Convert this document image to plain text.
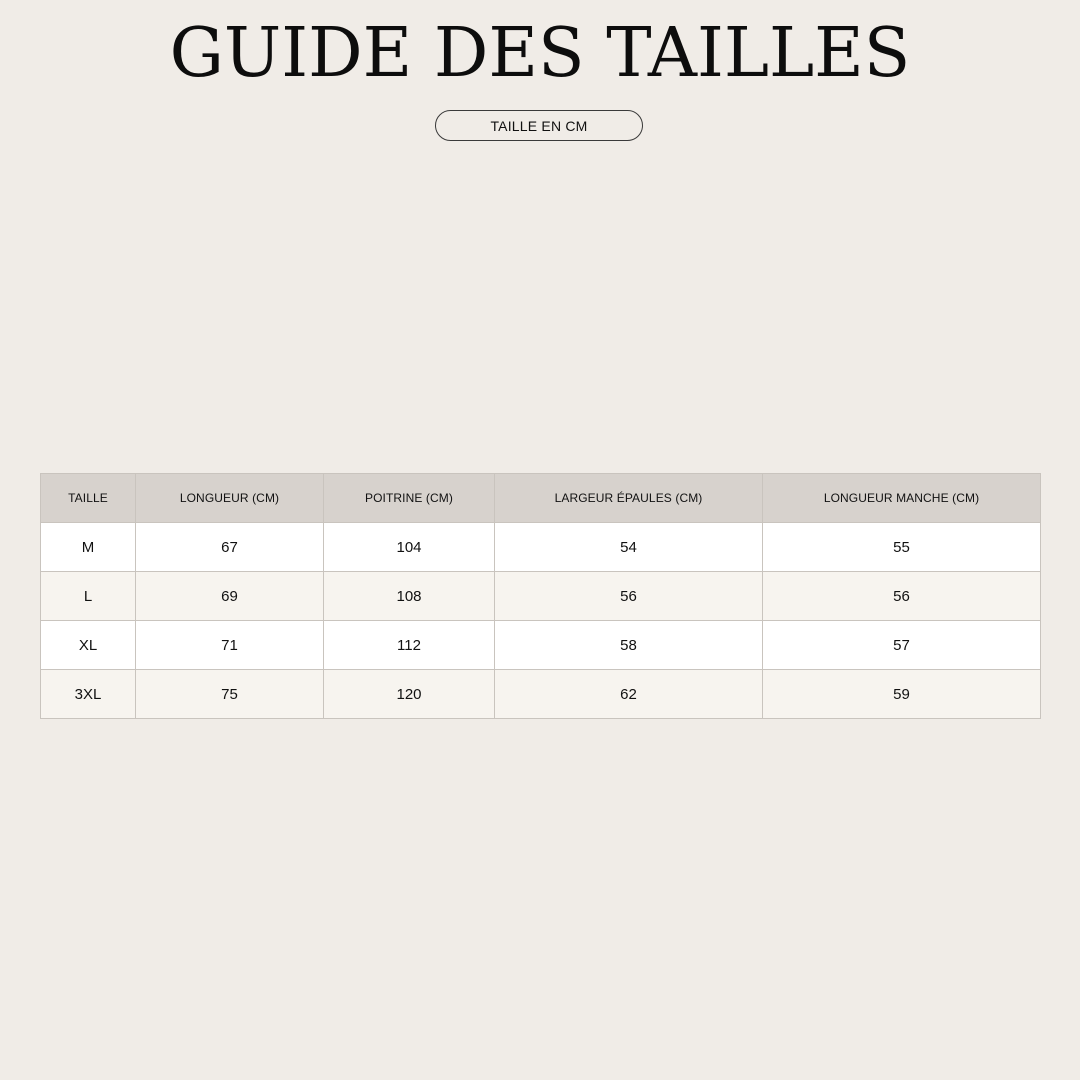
GUIDE DES TAILLES
TAILLE EN CM
TAILLE	LONGUEUR (CM)	POITRINE (CM)	LARGEUR ÉPAULES (CM)	LONGUEUR MANCHE (CM)
M	67	104	54	55
L	69	108	56	56
XL	71	112	58	57
3XL	75	120	62	59
